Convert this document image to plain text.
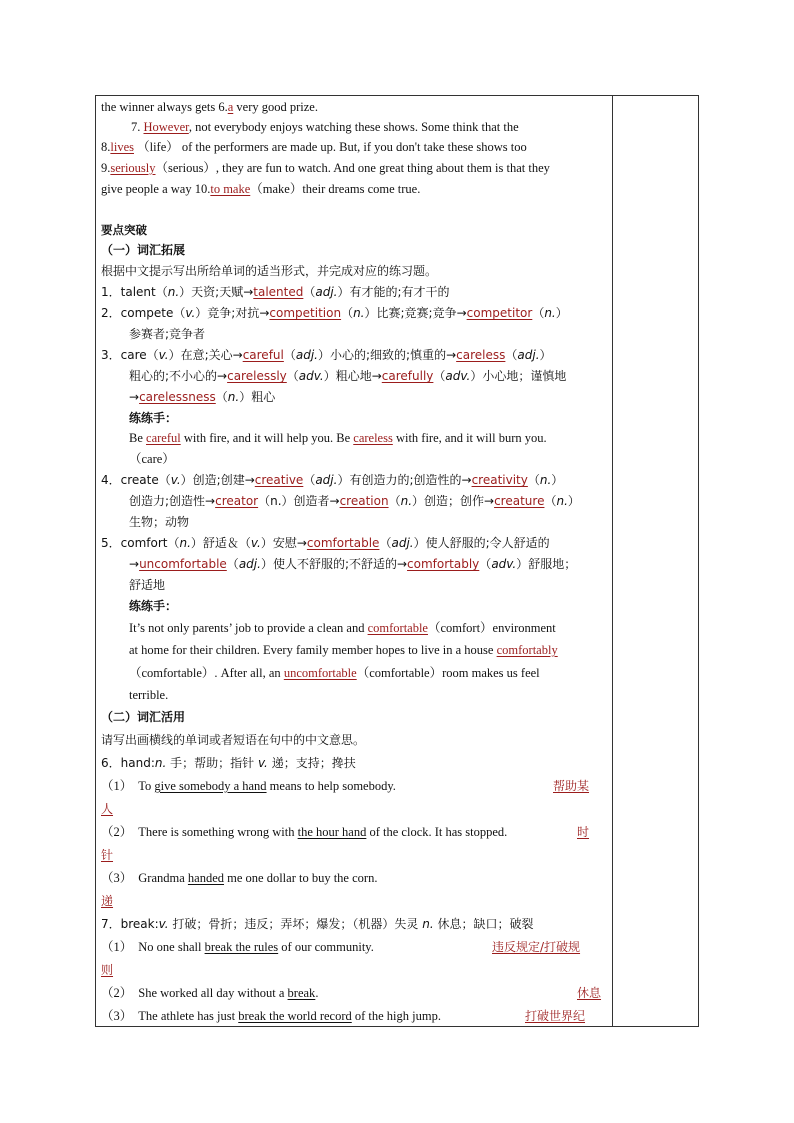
the winner always gets 6.a very good prize.
7. However, not everybody enjoys watching these shows. Some think that the
8.lives （life） of the performers are made up. But, if you don't take these shows too
9.seriously（serious）, they are fun to watch. And one great thing about them is that they
give people a way 10.to make（make）their dreams come true.
要点突破
（一）词汇拓展
根据中文提示写出所给单词的适当形式，并完成对应的练习题。
1．talent（n.）天资;天赋→talented（adj.）有才能的;有才干的
2．compete（v.）竞争;对抗→competition（n.）比赛;竞赛;竞争→competitor（n.）
参赛者;竞争者
3．care（v.）在意;关心→careful（adj.）小心的;细致的;慎重的→careless（adj.）
粗心的;不小心的→carelessly（adv.）粗心地→carefully（adv.）小心地；谨慎地
→carelessness（n.）粗心
练练手：
Be careful with fire, and it will help you. Be careless with fire, and it will burn you.
（care）
4．create（v.）创造;创建→creative（adj.）有创造力的;创造性的→creativity（n.）
创造力;创造性→creator（n.）创造者→creation（n.）创造；创作→creature（n.）
生物；动物
5．comfort（n.）舒适＆（v.）安慰→comfortable（adj.）使人舒服的;令人舒适的
→uncomfortable（adj.）使人不舒服的;不舒适的→comfortably（adv.）舒服地；
舒适地
练练手：
It’s not only parents’ job to provide a clean and comfortable（comfort）environment
at home for their children. Every family member hopes to live in a house comfortably
（comfortable）. After all, an uncomfortable（comfortable）room makes us feel
terrible.
（二）词汇活用
请写出画横线的单词或者短语在句中的中文意思。
6．hand:n. 手；帮助；指针 v. 递；支持；搀扶
（1） To give somebody a hand means to help somebody.	帮助某
人
（2） There is something wrong with the hour hand of the clock. It has stopped.	时
针
（3） Grandma handed me one dollar to buy the corn.
递
7．break:v. 打破；骨折；违反；弄坏；爆发；（机器）失灵 n. 休息；缺口；破裂
（1） No one shall break the rules of our community.	违反规定/打破规
则
（2） She worked all day without a break.	休息
（3） The athlete has just break the world record of the high jump.	打破世界纪
